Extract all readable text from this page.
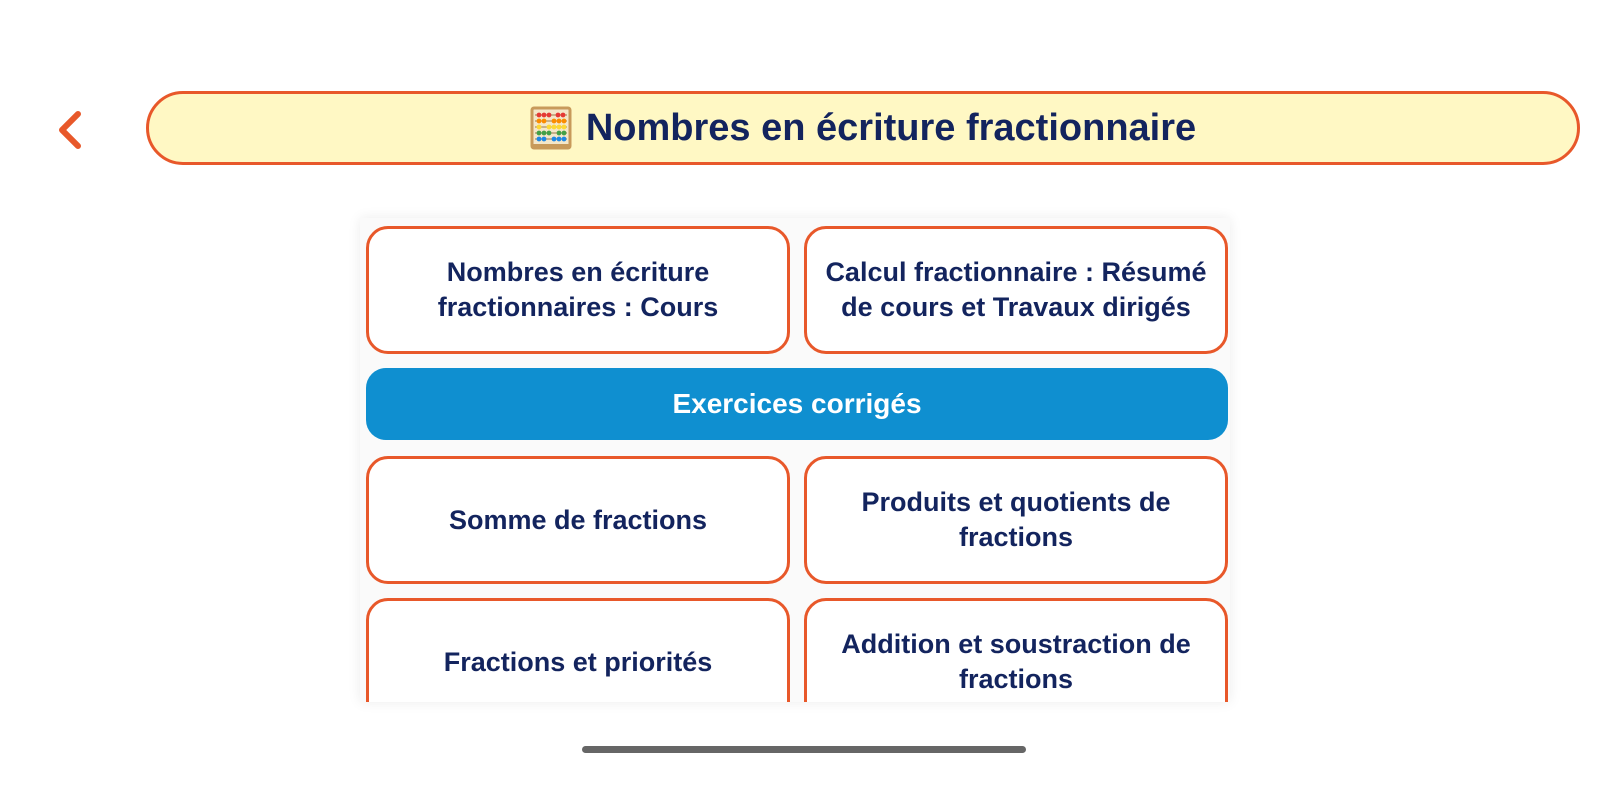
Nombres en écriture fractionnaire
Nombres en écriture fractionnaires : Cours
Calcul fractionnaire : Résumé de cours et Travaux dirigés
Exercices corrigés
Somme de fractions
Produits et quotients de fractions
Fractions et priorités
Addition et soustraction de fractions
